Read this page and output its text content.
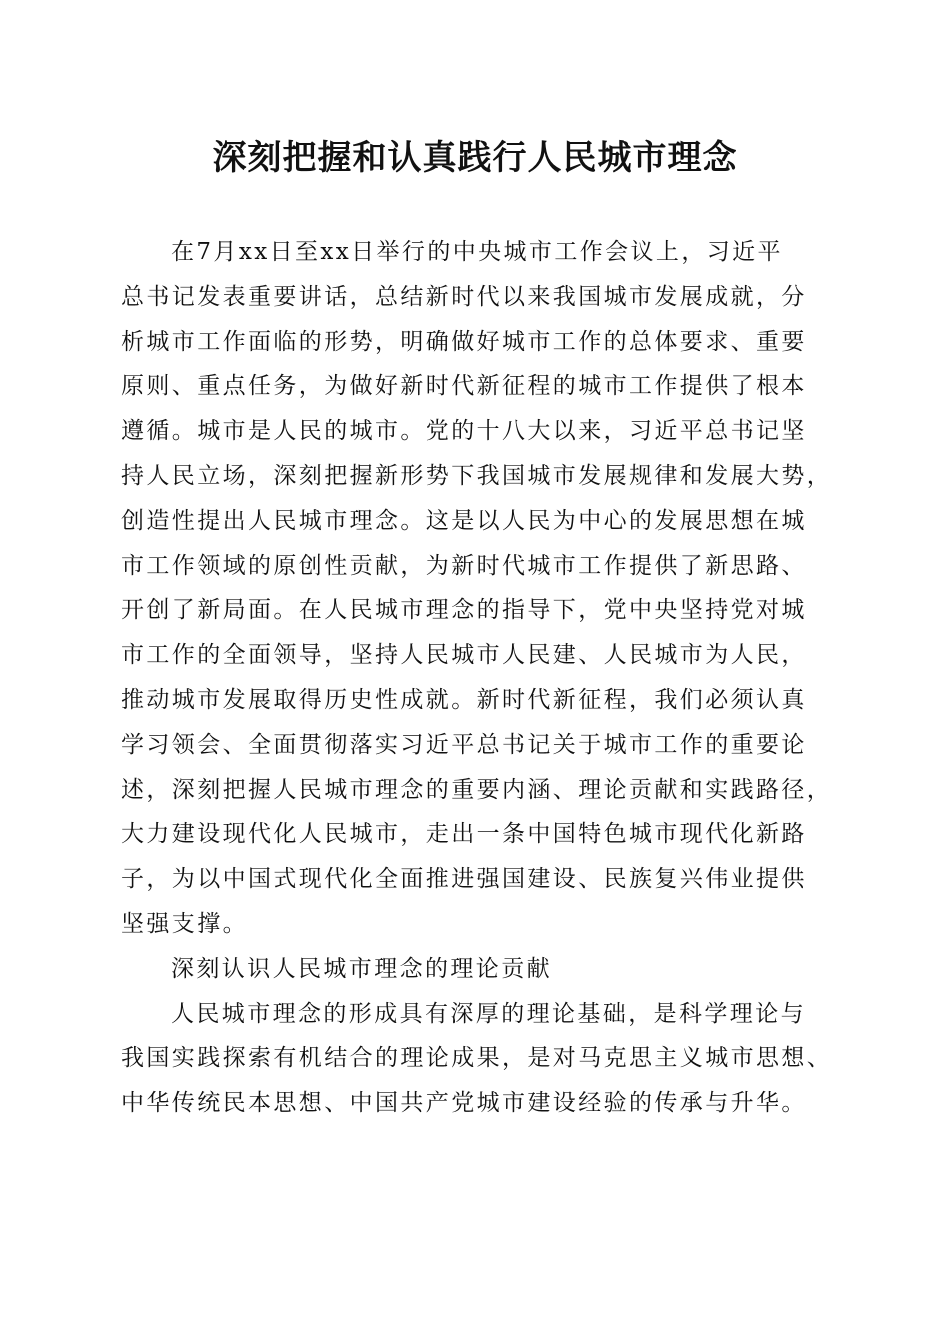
深刻把握和认真践行人民城市理念
在7月xx日至xx日举行的中央城市工作会议上，习近平
总书记发表重要讲话，总结新时代以来我国城市发展成就，分
析城市工作面临的形势，明确做好城市工作的总体要求、重要
原则、重点任务，为做好新时代新征程的城市工作提供了根本
遵循。城市是人民的城市。党的十八大以来，习近平总书记坚
持人民立场，深刻把握新形势下我国城市发展规律和发展大势，
创造性提出人民城市理念。这是以人民为中心的发展思想在城
市工作领域的原创性贡献，为新时代城市工作提供了新思路、
开创了新局面。在人民城市理念的指导下，党中央坚持党对城
市工作的全面领导，坚持人民城市人民建、人民城市为人民，
推动城市发展取得历史性成就。新时代新征程，我们必须认真
学习领会、全面贯彻落实习近平总书记关于城市工作的重要论
述，深刻把握人民城市理念的重要内涵、理论贡献和实践路径，
大力建设现代化人民城市，走出一条中国特色城市现代化新路
子，为以中国式现代化全面推进强国建设、民族复兴伟业提供
坚强支撑。
深刻认识人民城市理念的理论贡献
人民城市理念的形成具有深厚的理论基础，是科学理论与
我国实践探索有机结合的理论成果，是对马克思主义城市思想、
中华传统民本思想、中国共产党城市建设经验的传承与升华。
